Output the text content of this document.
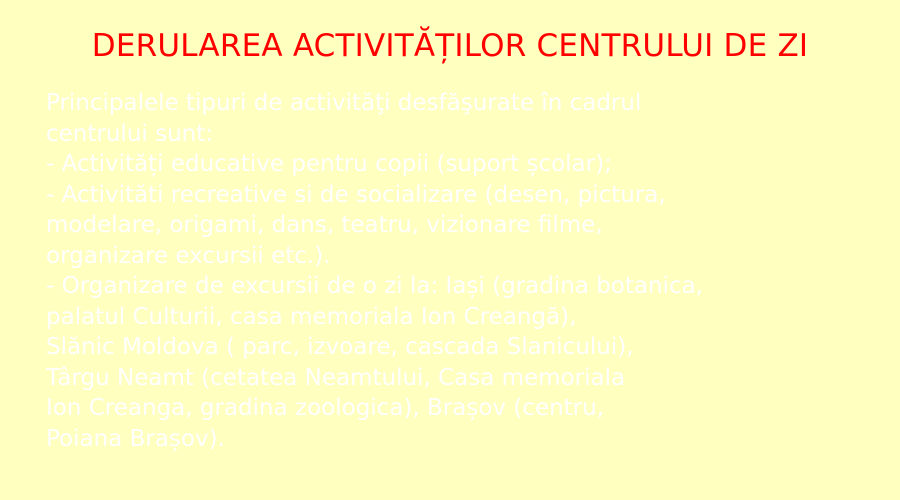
DERULAREA ACTIVITĂȚILOR CENTRULUI DE ZI
Principalele tipuri de activităţi desfăşurate în cadrul
centrului sunt:
- Activități educative pentru copii (suport școlar);
- Activităti recreative si de socializare (desen, pictura,
modelare, origami, dans, teatru, vizionare filme,
organizare excursii etc.).
- Organizare de excursii de o zi la: Iași (gradina botanica,
palatul Culturii, casa memoriala Ion Creangă),
Slănic Moldova ( parc, izvoare, cascada Slanicului),
Târgu Neamt (cetatea Neamtului, Casa memoriala
Ion Creanga, gradina zoologica), Brașov (centru,
Poiana Brașov).
